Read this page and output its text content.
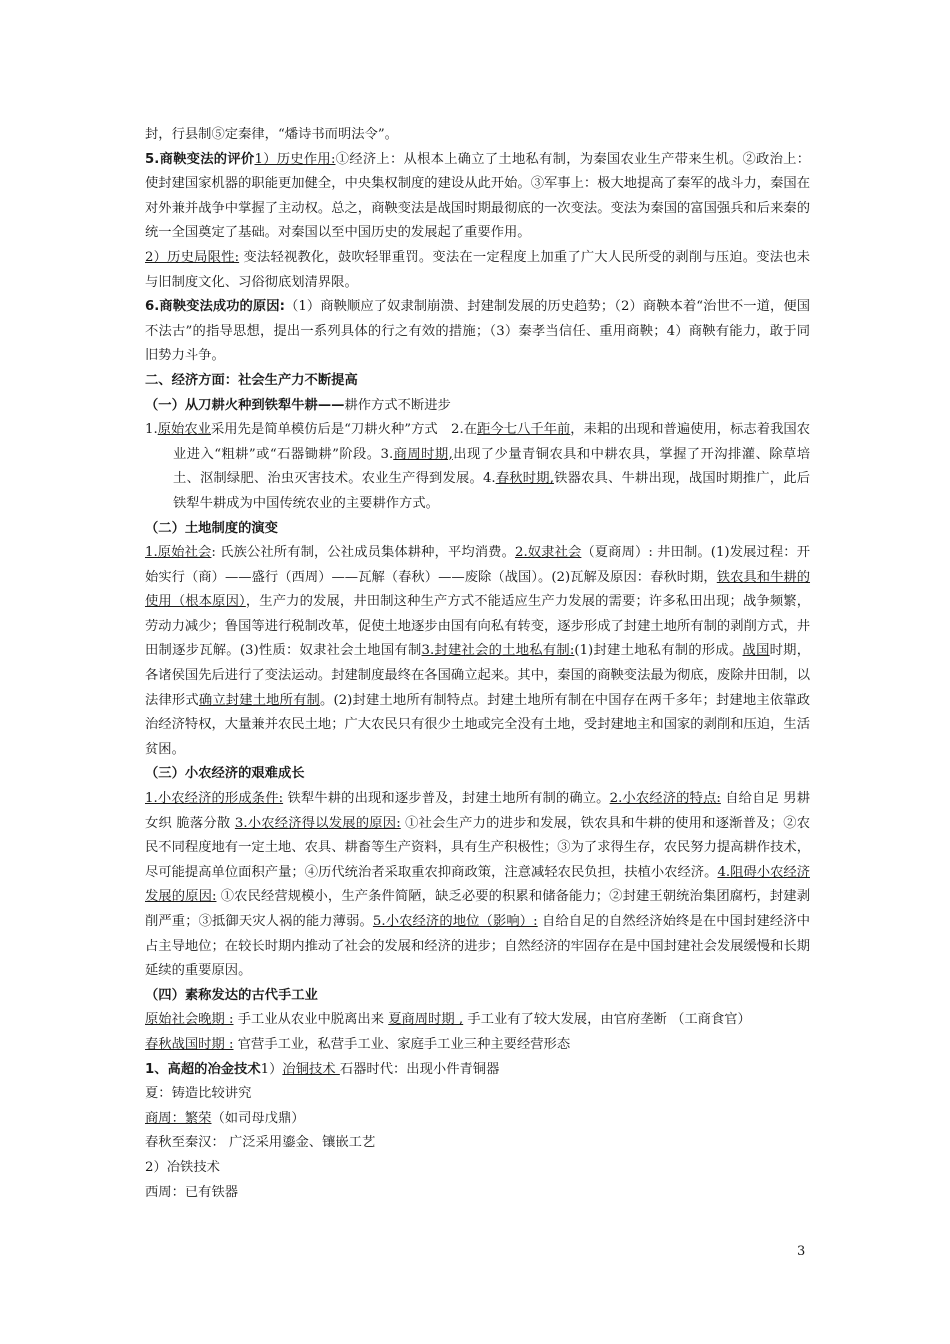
封，行县制⑤定秦律，“燔诗书而明法令”。

5.商鞅变法的评价1）历史作用:①经济上：从根本上确立了土地私有制，为秦国农业生产带来生机。②政治上：使封建国家机器的职能更加健全，中央集权制度的建设从此开始。③军事上：极大地提高了秦军的战斗力，秦国在对外兼并战争中掌握了主动权。总之，商鞅变法是战国时期最彻底的一次变法。变法为秦国的富国强兵和后来秦的统一全国奠定了基础。对秦国以至中国历史的发展起了重要作用。

2）历史局限性: 变法轻视教化，鼓吹轻罪重罚。变法在一定程度上加重了广大人民所受的剥削与压迫。变法也未与旧制度文化、习俗彻底划清界限。

6.商鞅变法成功的原因:（1）商鞅顺应了奴隶制崩溃、封建制发展的历史趋势；（2）商鞅本着“治世不一道，便国不法古”的指导思想，提出一系列具体的行之有效的措施；（3）秦孝当信任、重用商鞅；4）商鞅有能力，敢于同旧势力斗争。

二、经济方面：社会生产力不断提高

（一）从刀耕火种到铁犁牛耕——耕作方式不断进步

1.原始农业采用先是简单模仿后是“刀耕火种”方式　2.在距今七八千年前，耒耜的出现和普遍使用，标志着我国农业进入“粗耕”或“石器锄耕”阶段。3.商周时期,出现了少量青铜农具和中耕农具，掌握了开沟排灌、除草培土、沤制绿肥、治虫灭害技术。农业生产得到发展。4.春秋时期,铁器农具、牛耕出现，战国时期推广，此后铁犁牛耕成为中国传统农业的主要耕作方式。

（二）土地制度的演变

1.原始社会: 氏族公社所有制，公社成员集体耕种，平均消费。2.奴隶社会（夏商周）: 井田制。(1)发展过程：开始实行（商）——盛行（西周）——瓦解（春秋）——废除（战国）。(2)瓦解及原因：春秋时期，铁农具和牛耕的使用（根本原因），生产力的发展，井田制这种生产方式不能适应生产力发展的需要；许多私田出现；战争频繁，劳动力减少；鲁国等进行税制改革，促使土地逐步由国有向私有转变，逐步形成了封建土地所有制的剥削方式，井田制逐步瓦解。(3)性质：奴隶社会土地国有制3.封建社会的土地私有制:(1)封建土地私有制的形成。战国时期，各诸侯国先后进行了变法运动。封建制度最终在各国确立起来。其中，秦国的商鞅变法最为彻底，废除井田制，以法律形式确立封建土地所有制。(2)封建土地所有制特点。封建土地所有制在中国存在两千多年；封建地主依靠政治经济特权，大量兼并农民土地；广大农民只有很少土地或完全没有土地，受封建地主和国家的剥削和压迫，生活贫困。

（三）小农经济的艰难成长

1.小农经济的形成条件: 铁犁牛耕的出现和逐步普及，封建土地所有制的确立。2.小农经济的特点: 自给自足 男耕女织 脆落分散 3.小农经济得以发展的原因: ①社会生产力的进步和发展，铁农具和牛耕的使用和逐渐普及；②农民不同程度地有一定土地、农具、耕畜等生产资料，具有生产积极性；③为了求得生存，农民努力提高耕作技术，尽可能提高单位面积产量；④历代统治者采取重农抑商政策，注意减轻农民负担，扶植小农经济。4.阻碍小农经济发展的原因: ①农民经营规模小，生产条件简陋，缺乏必要的积累和储备能力；②封建王朝统治集团腐朽，封建剥削严重；③抵御天灾人祸的能力薄弱。5.小农经济的地位（影响）: 自给自足的自然经济始终是在中国封建经济中占主导地位；在较长时期内推动了社会的发展和经济的进步；自然经济的牢固存在是中国封建社会发展缓慢和长期延续的重要原因。

（四）素称发达的古代手工业

原始社会晚期 : 手工业从农业中脱离出来 夏商周时期 , 手工业有了较大发展，由官府垄断 （工商食官）

春秋战国时期 : 官营手工业，私营手工业、家庭手工业三种主要经营形态

1、高超的冶金技术1）冶铜技术 石器时代：出现小件青铜器

夏：铸造比较讲究

商周：繁荣（如司母戊鼎）

春秋至秦汉： 广泛采用鎏金、镶嵌工艺

2）冶铁技术

西周：已有铁器

3
